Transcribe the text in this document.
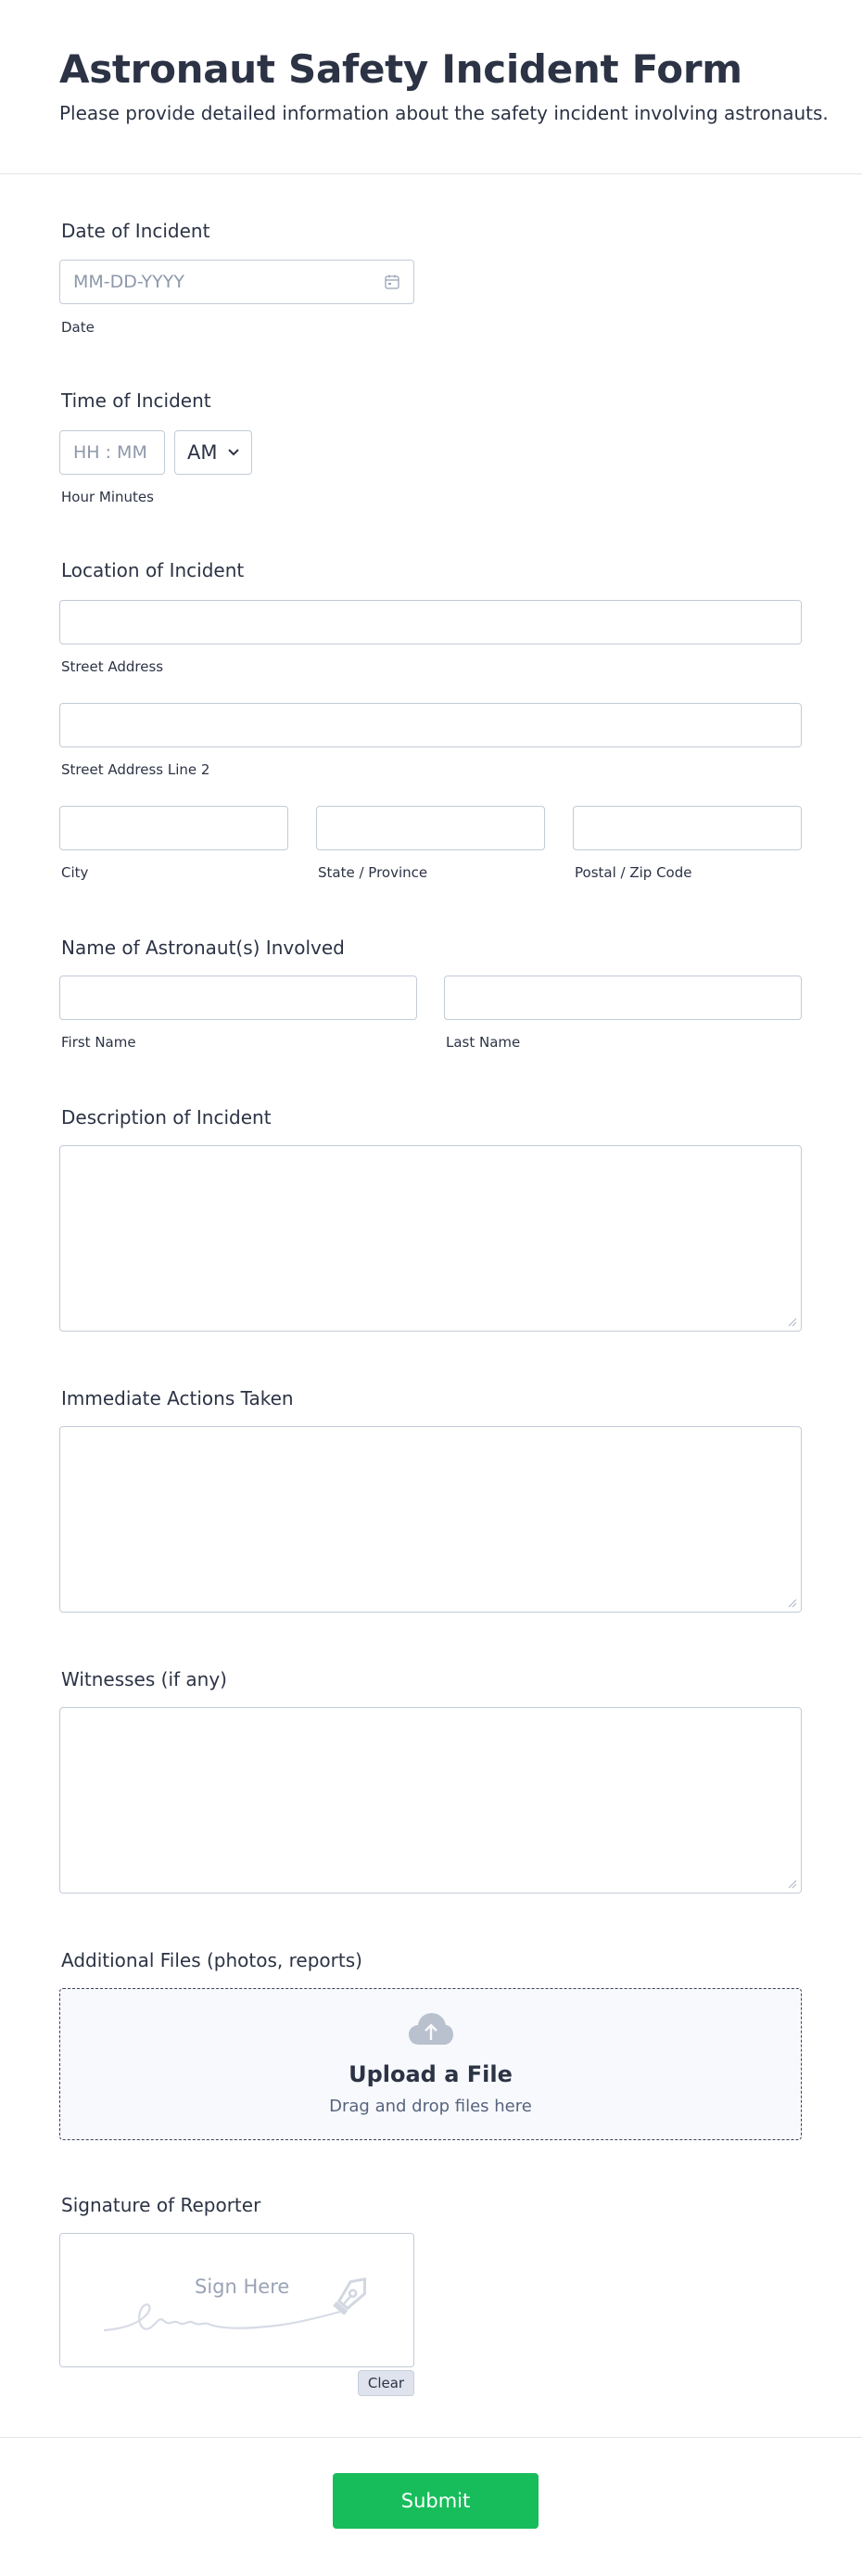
Astronaut Safety Incident Form
Please provide detailed information about the safety incident involving astronauts.
Date of Incident
MM-DD-YYYY
Date
Time of Incident
HH : MM AM
Hour Minutes
Location of Incident
Street Address
Street Address Line 2
City	State / Province	Postal / Zip Code
Name of Astronaut(s) Involved
First Name	Last Name
Description of Incident
Immediate Actions Taken
Witnesses (if any)
Additional Files (photos, reports)
Upload a File
Drag and drop files here
Signature of Reporter
Sign Here
Clear
Submit
